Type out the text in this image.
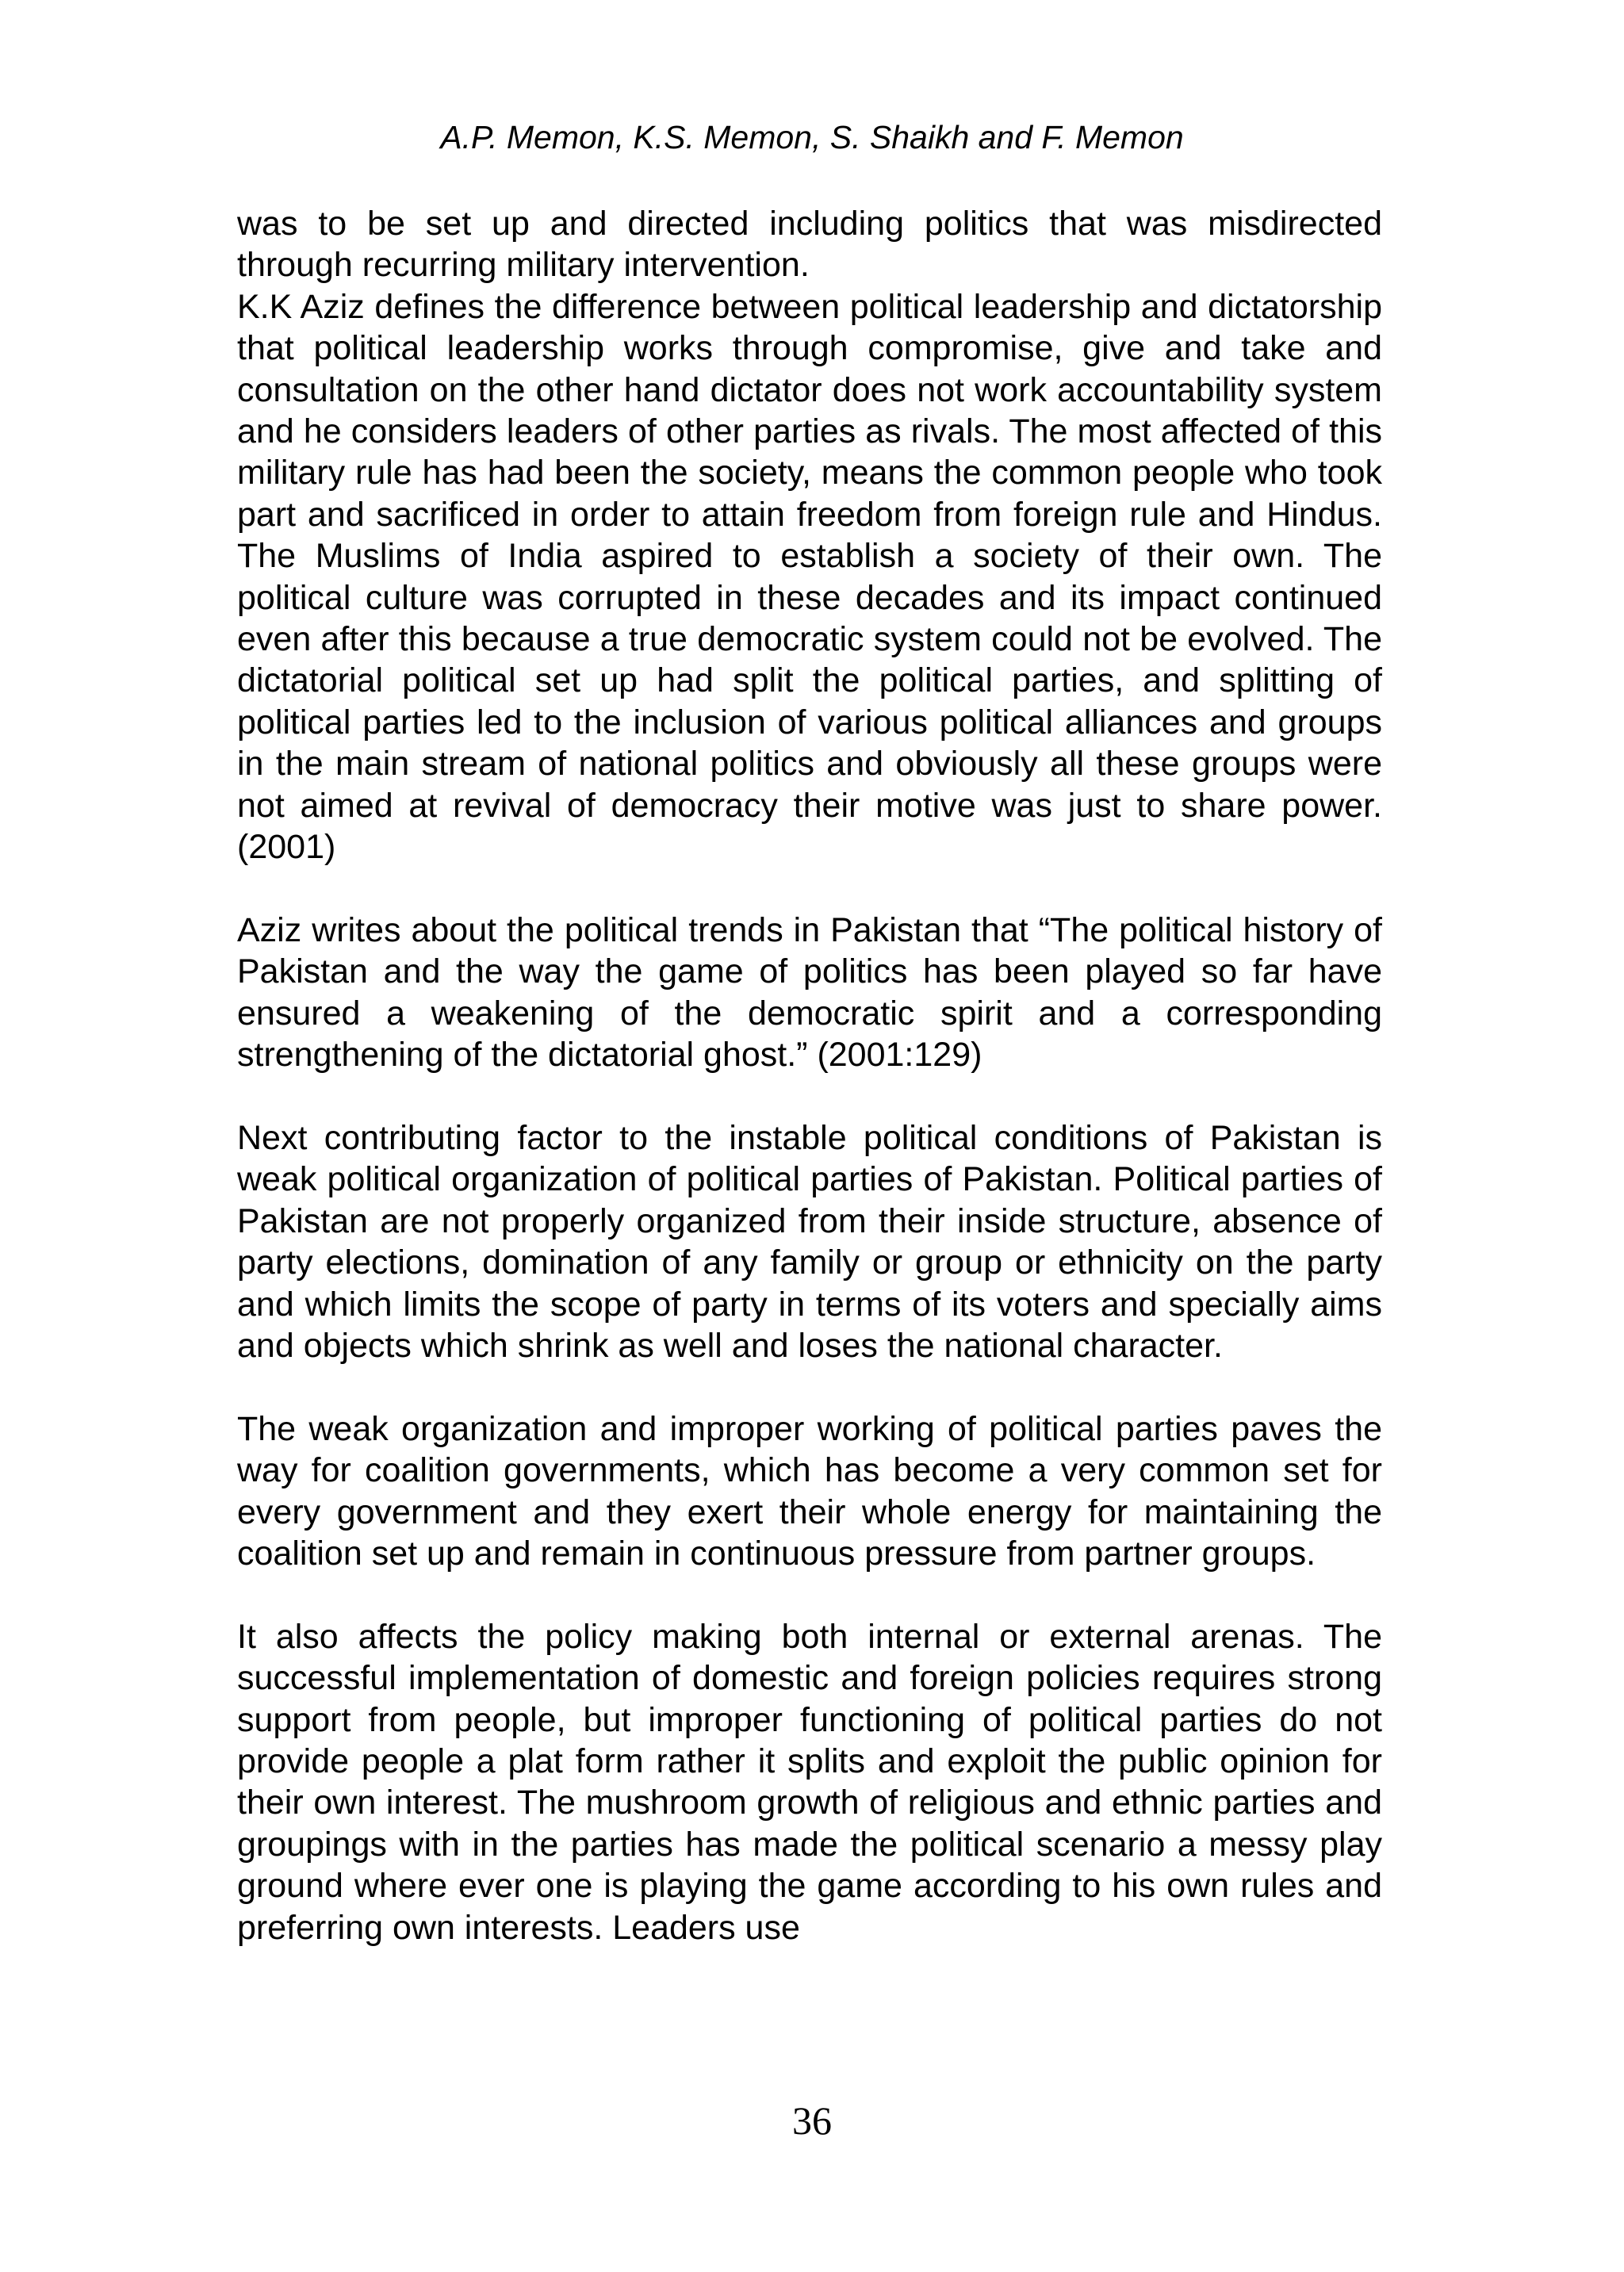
A.P. Memon, K.S. Memon, S. Shaikh and F. Memon

was to be set up and directed including politics that was misdirected through recurring military intervention.

K.K Aziz defines the difference between political leadership and dictatorship that political leadership works through compromise, give and take and consultation on the other hand dictator does not work accountability system and he considers leaders of other parties as rivals. The most affected of this military rule has had been the society, means the common people who took part and sacrificed in order to attain freedom from foreign rule and Hindus. The Muslims of India aspired to establish a society of their own. The political culture was corrupted in these decades and its impact continued even after this because a true democratic system could not be evolved. The dictatorial political set up had split the political parties, and splitting of political parties led to the inclusion of various political alliances and groups in the main stream of national politics and obviously all these groups were not aimed at revival of democracy their motive was just to share power. (2001)

Aziz writes about the political trends in Pakistan that “The political history of Pakistan and the way the game of politics has been played so far have ensured a weakening of the democratic spirit and a corresponding strengthening of the dictatorial ghost.” (2001:129)

Next contributing factor to the instable political conditions of Pakistan is weak political organization of political parties of Pakistan. Political parties of Pakistan are not properly organized from their inside structure, absence of party elections, domination of any family or group or ethnicity on the party and which limits the scope of party in terms of its voters and specially aims and objects which shrink as well and loses the national character.

The weak organization and improper working of political parties paves the way for coalition governments, which has become a very common set for every government and they exert their whole energy for maintaining the coalition set up and remain in continuous pressure from partner groups.

It also affects the policy making both internal or external arenas. The successful implementation of domestic and foreign policies requires strong support from people, but improper functioning of political parties do not provide people a plat form rather it splits and exploit the public opinion for their own interest. The mushroom growth of religious and ethnic parties and groupings with in the parties has made the political scenario a messy play ground where ever one is playing the game according to his own rules and preferring own interests. Leaders use

36
